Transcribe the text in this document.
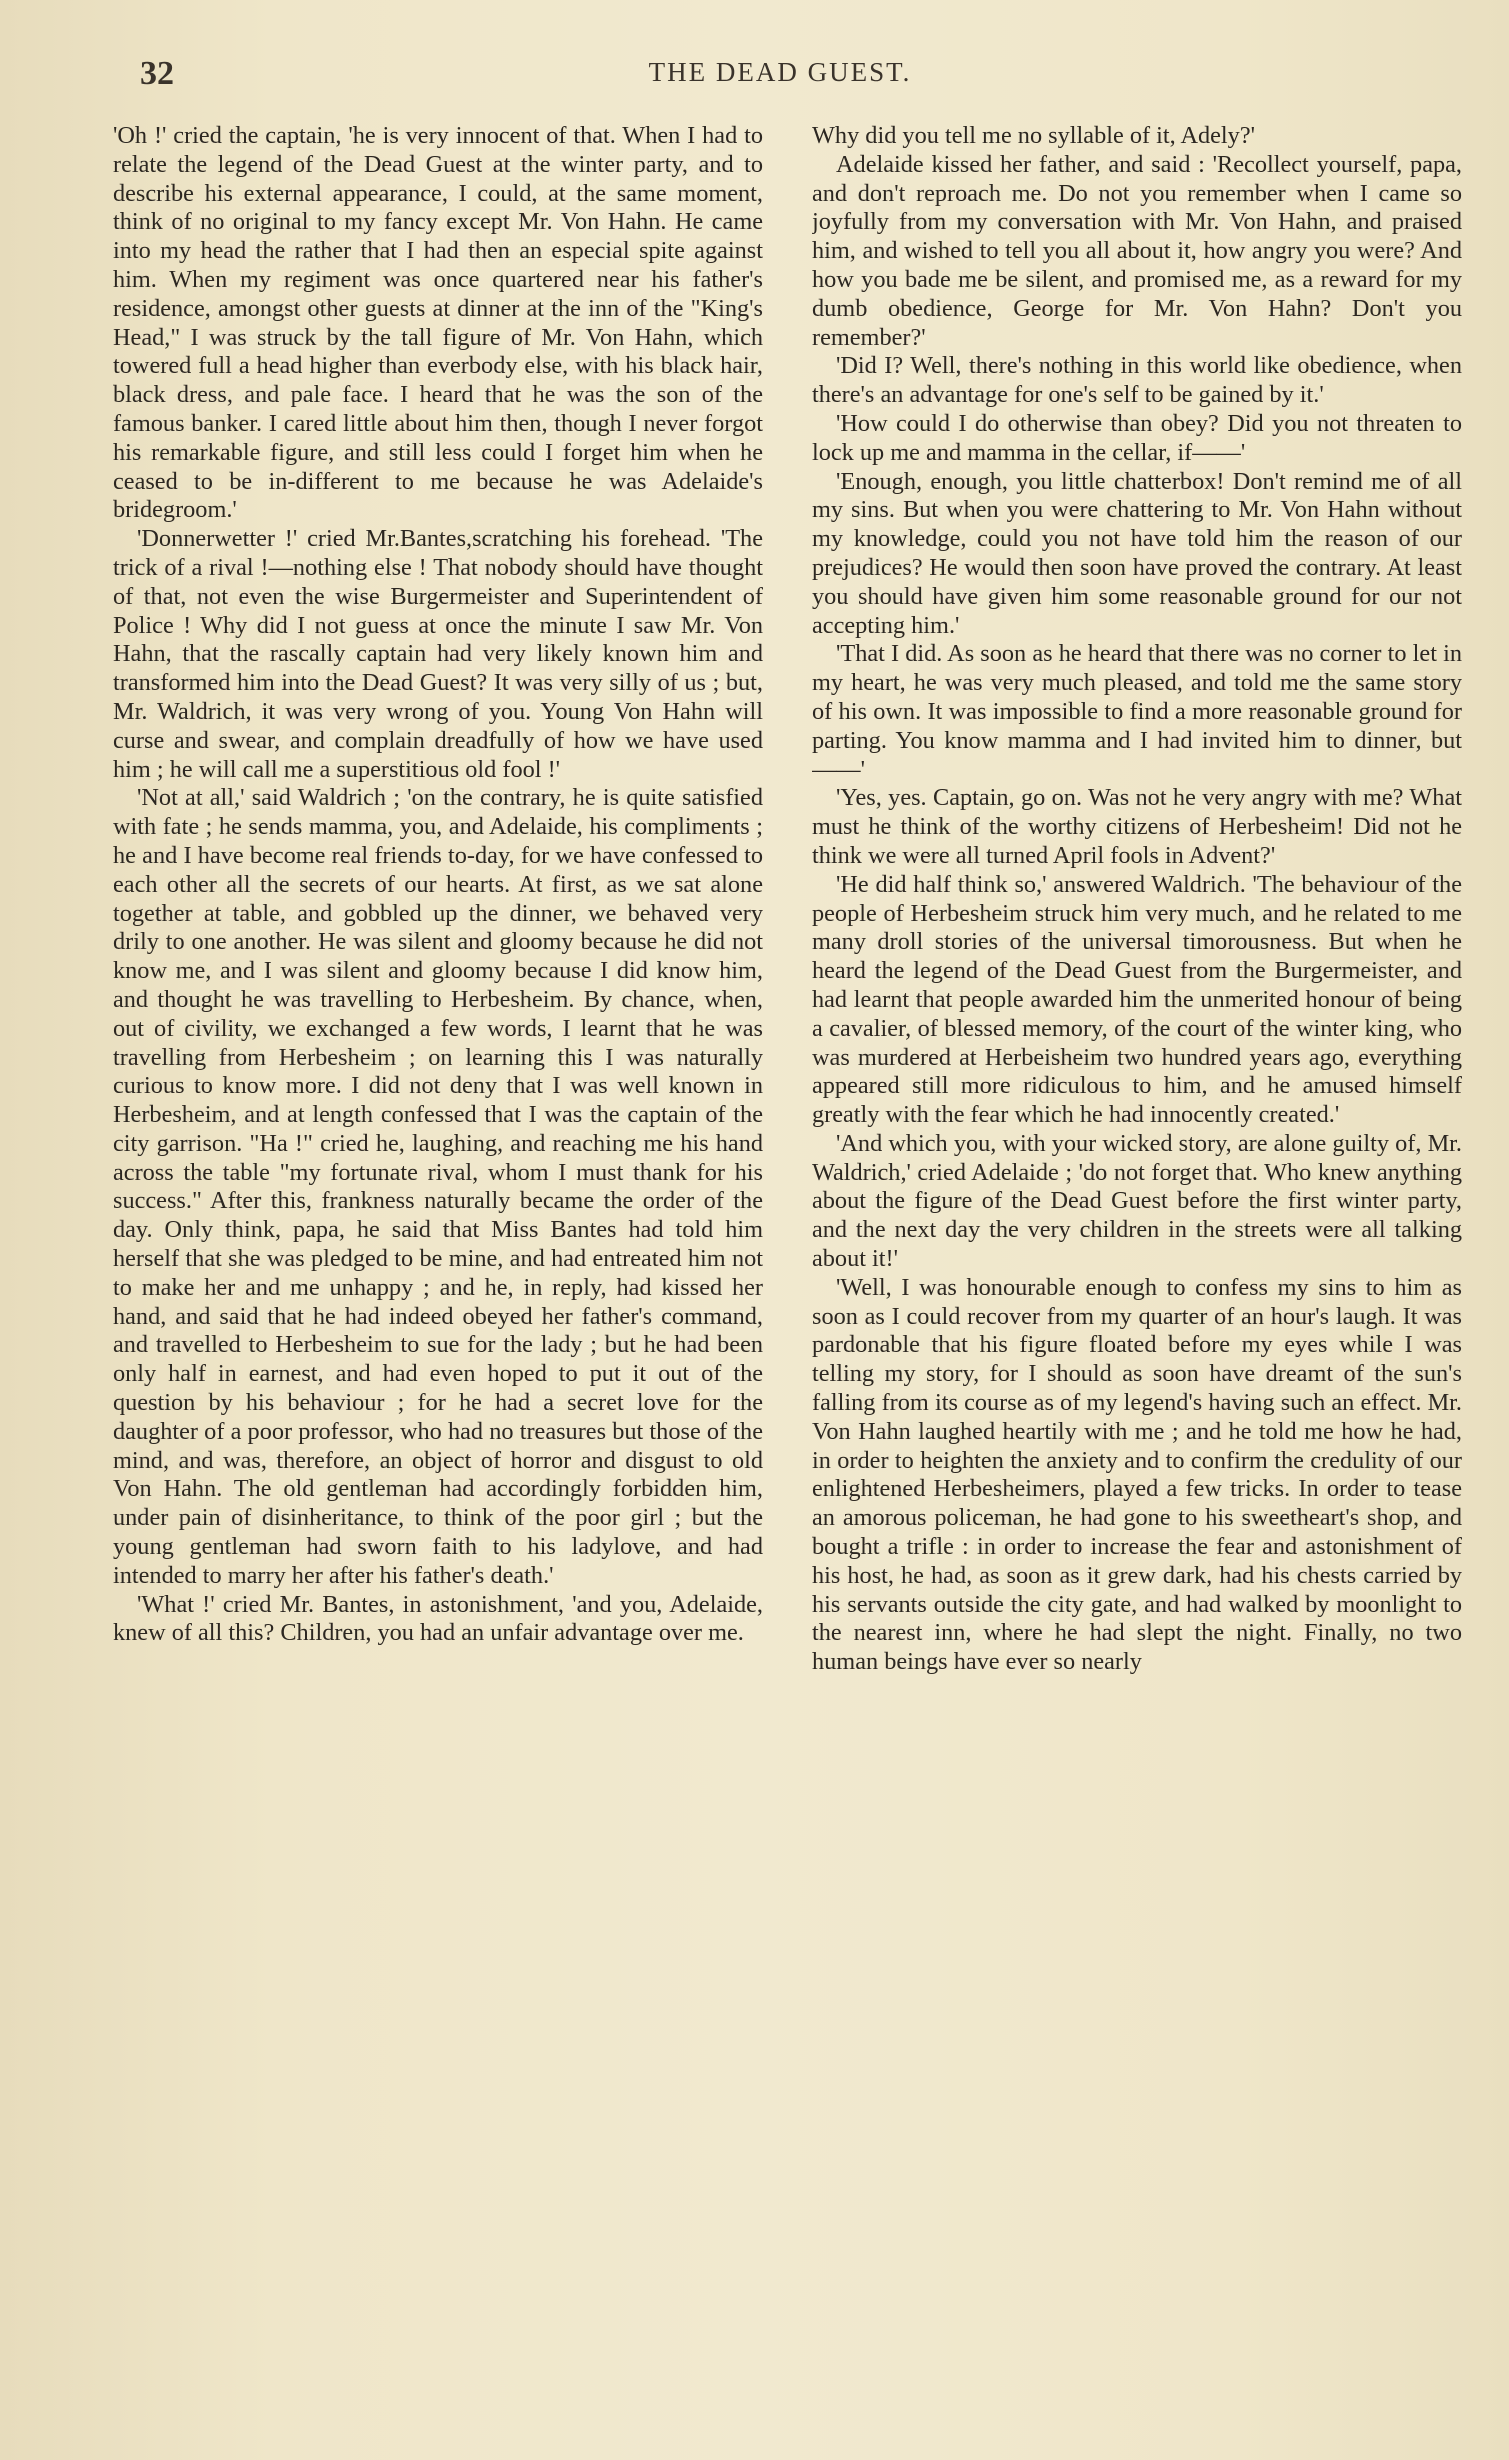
32	THE DEAD GUEST.

'Oh !' cried the captain, 'he is very innocent of that. When I had to relate the legend of the Dead Guest at the winter party, and to describe his external appearance, I could, at the same moment, think of no original to my fancy except Mr. Von Hahn. He came into my head the rather that I had then an especial spite against him. When my regiment was once quartered near his father's residence, amongst other guests at dinner at the inn of the "King's Head," I was struck by the tall figure of Mr. Von Hahn, which towered full a head higher than everbody else, with his black hair, black dress, and pale face. I heard that he was the son of the famous banker. I cared little about him then, though I never forgot his remarkable figure, and still less could I forget him when he ceased to be in-different to me because he was Adelaide's bridegroom.'

'Donnerwetter !' cried Mr.Bantes,scratching his forehead. 'The trick of a rival !—nothing else ! That nobody should have thought of that, not even the wise Burgermeister and Superintendent of Police ! Why did I not guess at once the minute I saw Mr. Von Hahn, that the rascally captain had very likely known him and transformed him into the Dead Guest? It was very silly of us ; but, Mr. Waldrich, it was very wrong of you. Young Von Hahn will curse and swear, and complain dreadfully of how we have used him ; he will call me a superstitious old fool !'

'Not at all,' said Waldrich ; 'on the contrary, he is quite satisfied with fate ; he sends mamma, you, and Adelaide, his compliments ; he and I have become real friends to-day, for we have confessed to each other all the secrets of our hearts. At first, as we sat alone together at table, and gobbled up the dinner, we behaved very drily to one another. He was silent and gloomy because he did not know me, and I was silent and gloomy because I did know him, and thought he was travelling to Herbesheim. By chance, when, out of civility, we exchanged a few words, I learnt that he was travelling from Herbesheim ; on learning this I was naturally curious to know more. I did not deny that I was well known in Herbesheim, and at length confessed that I was the captain of the city garrison. "Ha !" cried he, laughing, and reaching me his hand across the table "my fortunate rival, whom I must thank for his success." After this, frankness naturally became the order of the day. Only think, papa, he said that Miss Bantes had told him herself that she was pledged to be mine, and had entreated him not to make her and me unhappy ; and he, in reply, had kissed her hand, and said that he had indeed obeyed her father's command, and travelled to Herbesheim to sue for the lady ; but he had been only half in earnest, and had even hoped to put it out of the question by his behaviour ; for he had a secret love for the daughter of a poor professor, who had no treasures but those of the mind, and was, therefore, an object of horror and disgust to old Von Hahn. The old gentleman had accordingly forbidden him, under pain of disinheritance, to think of the poor girl ; but the young gentleman had sworn faith to his ladylove, and had intended to marry her after his father's death.'

'What !' cried Mr. Bantes, in astonishment, 'and you, Adelaide, knew of all this? Children, you had an unfair advantage over me.

Why did you tell me no syllable of it, Adely?'

Adelaide kissed her father, and said : 'Recollect yourself, papa, and don't reproach me. Do not you remember when I came so joyfully from my conversation with Mr. Von Hahn, and praised him, and wished to tell you all about it, how angry you were? And how you bade me be silent, and promised me, as a reward for my dumb obedience, George for Mr. Von Hahn? Don't you remember?'

'Did I? Well, there's nothing in this world like obedience, when there's an advantage for one's self to be gained by it.'

'How could I do otherwise than obey? Did you not threaten to lock up me and mamma in the cellar, if——'

'Enough, enough, you little chatterbox! Don't remind me of all my sins. But when you were chattering to Mr. Von Hahn without my knowledge, could you not have told him the reason of our prejudices? He would then soon have proved the contrary. At least you should have given him some reasonable ground for our not accepting him.'

'That I did. As soon as he heard that there was no corner to let in my heart, he was very much pleased, and told me the same story of his own. It was impossible to find a more reasonable ground for parting. You know mamma and I had invited him to dinner, but——'

'Yes, yes. Captain, go on. Was not he very angry with me? What must he think of the worthy citizens of Herbesheim! Did not he think we were all turned April fools in Advent?'

'He did half think so,' answered Waldrich. 'The behaviour of the people of Herbesheim struck him very much, and he related to me many droll stories of the universal timorousness. But when he heard the legend of the Dead Guest from the Burgermeister, and had learnt that people awarded him the unmerited honour of being a cavalier, of blessed memory, of the court of the winter king, who was murdered at Herbeisheim two hundred years ago, everything appeared still more ridiculous to him, and he amused himself greatly with the fear which he had innocently created.'

'And which you, with your wicked story, are alone guilty of, Mr. Waldrich,' cried Adelaide ; 'do not forget that. Who knew anything about the figure of the Dead Guest before the first winter party, and the next day the very children in the streets were all talking about it!'

'Well, I was honourable enough to confess my sins to him as soon as I could recover from my quarter of an hour's laugh. It was pardonable that his figure floated before my eyes while I was telling my story, for I should as soon have dreamt of the sun's falling from its course as of my legend's having such an effect. Mr. Von Hahn laughed heartily with me ; and he told me how he had, in order to heighten the anxiety and to confirm the credulity of our enlightened Herbesheimers, played a few tricks. In order to tease an amorous policeman, he had gone to his sweetheart's shop, and bought a trifle : in order to increase the fear and astonishment of his host, he had, as soon as it grew dark, had his chests carried by his servants outside the city gate, and had walked by moonlight to the nearest inn, where he had slept the night. Finally, no two human beings have ever so nearly
